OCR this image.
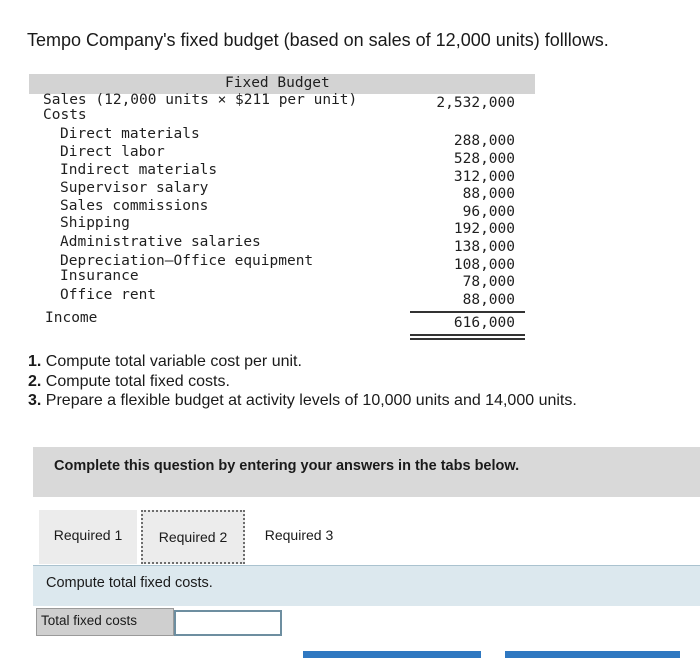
Tempo Company's fixed budget (based on sales of 12,000 units) folllows.
Fixed Budget
Sales (12,000 units × $211 per unit)	2,532,000
Costs
Direct materials	288,000
Direct labor	528,000
Indirect materials	312,000
Supervisor salary	88,000
Sales commissions	96,000
Shipping	192,000
Administrative salaries	138,000
Depreciation—Office equipment	108,000
Insurance	78,000
Office rent	88,000
Income	616,000
1. Compute total variable cost per unit.
2. Compute total fixed costs.
3. Prepare a flexible budget at activity levels of 10,000 units and 14,000 units.
Complete this question by entering your answers in the tabs below.
Required 1	Required 2	Required 3
Compute total fixed costs.
Total fixed costs
